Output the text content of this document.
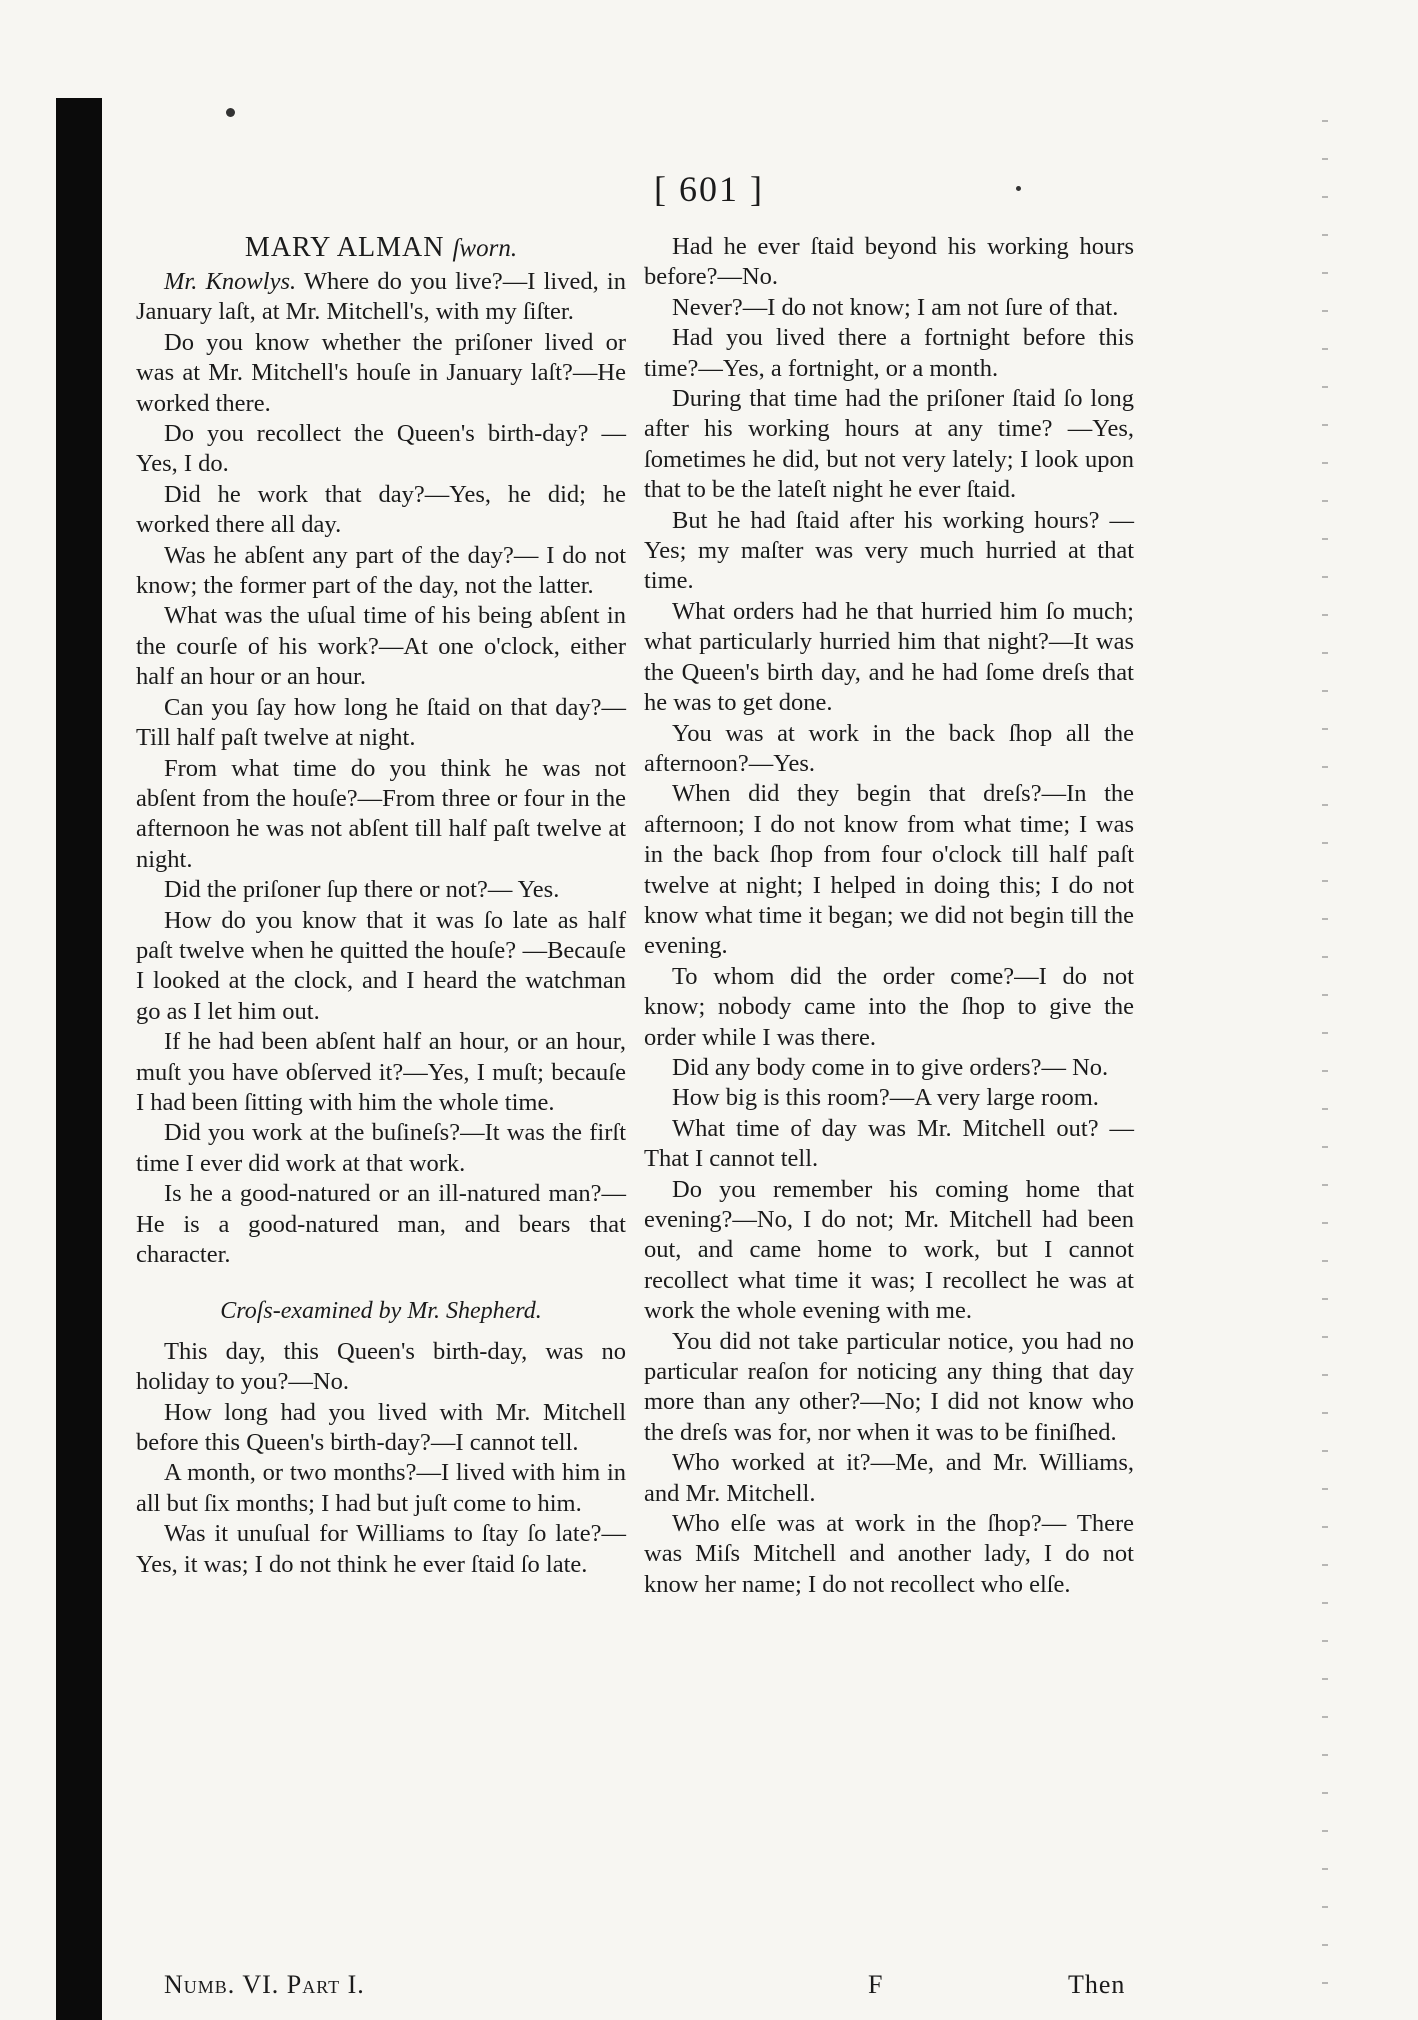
[ 601 ]
MARY ALMAN ſworn.

Mr. Knowlys. Where do you live?—I lived, in January laſt, at Mr. Mitchell's, with my ſiſter.

Do you know whether the priſoner lived or was at Mr. Mitchell's houſe in January laſt?—He worked there.

Do you recollect the Queen's birth-day? —Yes, I do.

Did he work that day?—Yes, he did; he worked there all day.

Was he abſent any part of the day?— I do not know; the former part of the day, not the latter.

What was the uſual time of his being abſent in the courſe of his work?—At one o'clock, either half an hour or an hour.

Can you ſay how long he ſtaid on that day?—Till half paſt twelve at night.

From what time do you think he was not abſent from the houſe?—From three or four in the afternoon he was not abſent till half paſt twelve at night.

Did the priſoner ſup there or not?— Yes.

How do you know that it was ſo late as half paſt twelve when he quitted the houſe? —Becauſe I looked at the clock, and I heard the watchman go as I let him out.

If he had been abſent half an hour, or an hour, muſt you have obſerved it?—Yes, I muſt; becauſe I had been ſitting with him the whole time.

Did you work at the buſineſs?—It was the firſt time I ever did work at that work.

Is he a good-natured or an ill-natured man?—He is a good-natured man, and bears that character.

Croſs-examined by Mr. Shepherd.

This day, this Queen's birth-day, was no holiday to you?—No.

How long had you lived with Mr. Mitchell before this Queen's birth-day?—I cannot tell.

A month, or two months?—I lived with him in all but ſix months; I had but juſt come to him.

Was it unuſual for Williams to ſtay ſo late?—Yes, it was; I do not think he ever ſtaid ſo late.

Had he ever ſtaid beyond his working hours before?—No.

Never?—I do not know; I am not ſure of that.

Had you lived there a fortnight before this time?—Yes, a fortnight, or a month.

During that time had the priſoner ſtaid ſo long after his working hours at any time? —Yes, ſometimes he did, but not very lately; I look upon that to be the lateſt night he ever ſtaid.

But he had ſtaid after his working hours? —Yes; my maſter was very much hurried at that time.

What orders had he that hurried him ſo much; what particularly hurried him that night?—It was the Queen's birth day, and he had ſome dreſs that he was to get done.

You was at work in the back ſhop all the afternoon?—Yes.

When did they begin that dreſs?—In the afternoon; I do not know from what time; I was in the back ſhop from four o'clock till half paſt twelve at night; I helped in doing this; I do not know what time it began; we did not begin till the evening.

To whom did the order come?—I do not know; nobody came into the ſhop to give the order while I was there.

Did any body come in to give orders?— No.

How big is this room?—A very large room.

What time of day was Mr. Mitchell out? —That I cannot tell.

Do you remember his coming home that evening?—No, I do not; Mr. Mitchell had been out, and came home to work, but I cannot recollect what time it was; I recollect he was at work the whole evening with me.

You did not take particular notice, you had no particular reaſon for noticing any thing that day more than any other?—No; I did not know who the dreſs was for, nor when it was to be finiſhed.

Who worked at it?—Me, and Mr. Williams, and Mr. Mitchell.

Who elſe was at work in the ſhop?— There was Miſs Mitchell and another lady, I do not know her name; I do not recollect who elſe.

Numb. VI. Part I.	F	Then
